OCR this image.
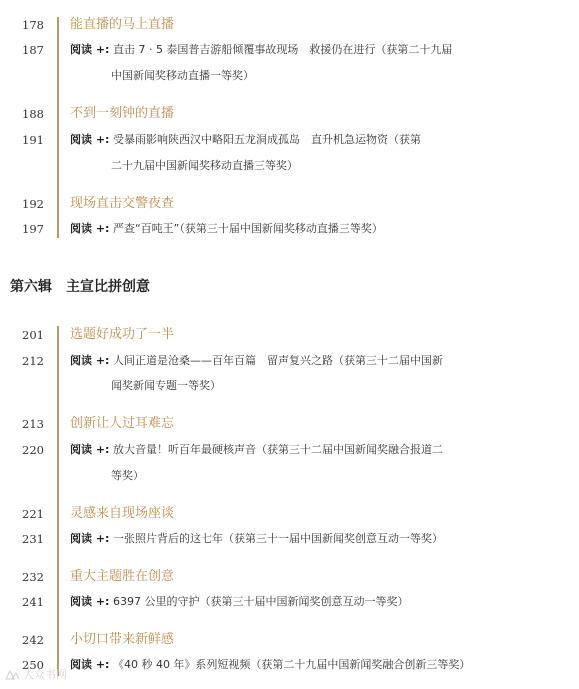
178 能直播的马上直播
187 阅读 +: 直击 7 · 5 泰国普吉游船倾覆事故现场　救援仍在进行（获第二十九届
中国新闻奖移动直播一等奖）
188 不到一刻钟的直播
191 阅读 +: 受暴雨影响陕西汉中略阳五龙洞成孤岛　直升机急运物资（获第
二十九届中国新闻奖移动直播三等奖）
192 现场直击交警夜查
197 阅读 +: 严查“百吨王”（获第三十届中国新闻奖移动直播三等奖）
第六辑 主宣比拼创意
201 选题好成功了一半
212 阅读 +: 人间正道是沧桑——百年百篇　留声复兴之路（获第三十二届中国新
闻奖新闻专题一等奖）
213 创新让人过耳难忘
220 阅读 +: 放大音量！听百年最硬核声音（获第三十二届中国新闻奖融合报道二
等奖）
221 灵感来自现场座谈
231 阅读 +: 一张照片背后的这七年（获第三十一届中国新闻奖创意互动一等奖）
232 重大主题胜在创意
241 阅读 +: 6397 公里的守护（获第三十届中国新闻奖创意互动一等奖）
242 小切口带来新鲜感
250 阅读 +: 《40 秒 40 年》系列短视频（获第二十九届中国新闻奖融合创新三等奖）
大众书网
